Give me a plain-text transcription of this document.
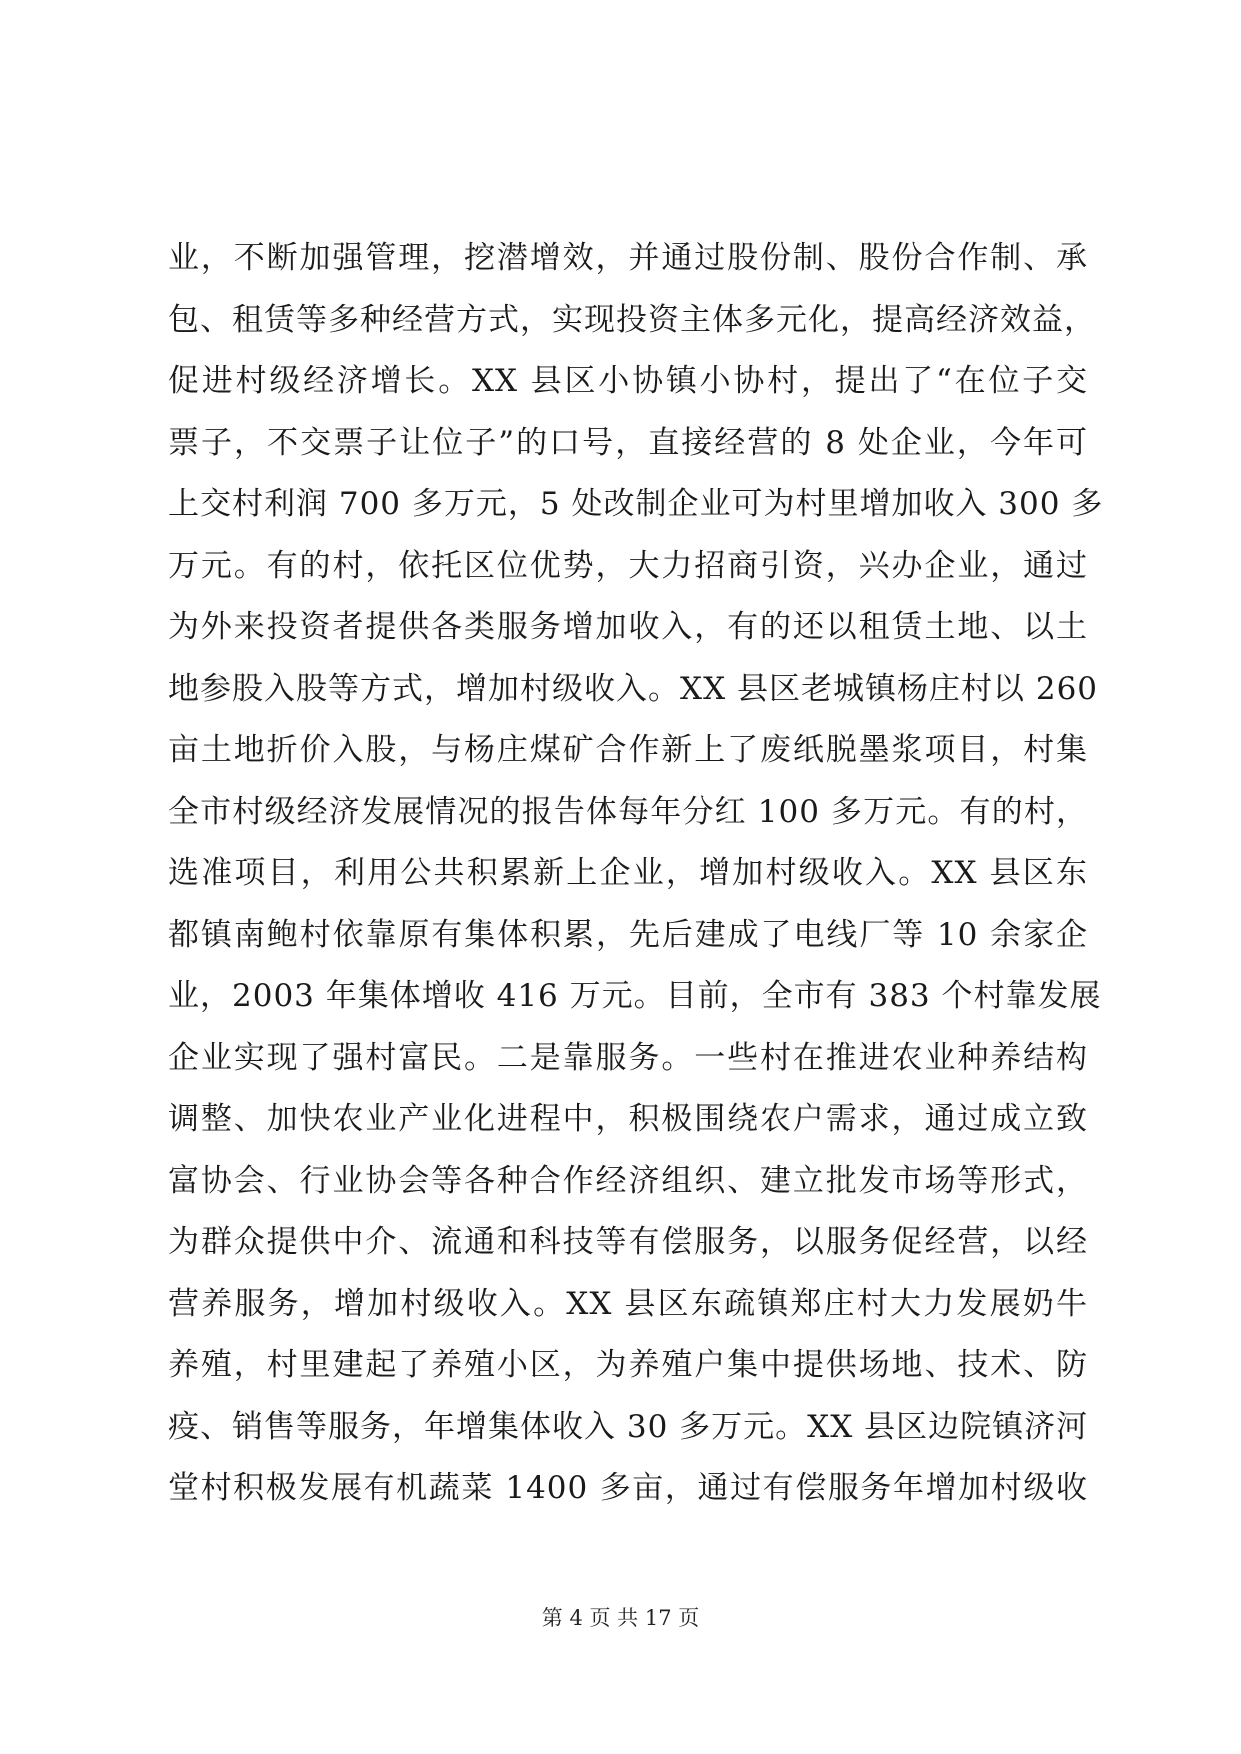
业，不断加强管理，挖潜增效，并通过股份制、股份合作制、承
包、租赁等多种经营方式，实现投资主体多元化，提高经济效益，
促进村级经济增长。XX 县区小协镇小协村，提出了“在位子交
票子，不交票子让位子”的口号，直接经营的 8 处企业，今年可
上交村利润 700 多万元，5 处改制企业可为村里增加收入 300 多
万元。有的村，依托区位优势，大力招商引资，兴办企业，通过
为外来投资者提供各类服务增加收入，有的还以租赁土地、以土
地参股入股等方式，增加村级收入。XX 县区老城镇杨庄村以 260
亩土地折价入股，与杨庄煤矿合作新上了废纸脱墨浆项目，村集
全市村级经济发展情况的报告体每年分红 100 多万元。有的村，
选准项目，利用公共积累新上企业，增加村级收入。XX 县区东
都镇南鲍村依靠原有集体积累，先后建成了电线厂等 10 余家企
业，2003 年集体增收 416 万元。目前，全市有 383 个村靠发展
企业实现了强村富民。二是靠服务。一些村在推进农业种养结构
调整、加快农业产业化进程中，积极围绕农户需求，通过成立致
富协会、行业协会等各种合作经济组织、建立批发市场等形式，
为群众提供中介、流通和科技等有偿服务，以服务促经营，以经
营养服务，增加村级收入。XX 县区东疏镇郑庄村大力发展奶牛
养殖，村里建起了养殖小区，为养殖户集中提供场地、技术、防
疫、销售等服务，年增集体收入 30 多万元。XX 县区边院镇济河
堂村积极发展有机蔬菜 1400 多亩，通过有偿服务年增加村级收
第 4 页 共 17 页
